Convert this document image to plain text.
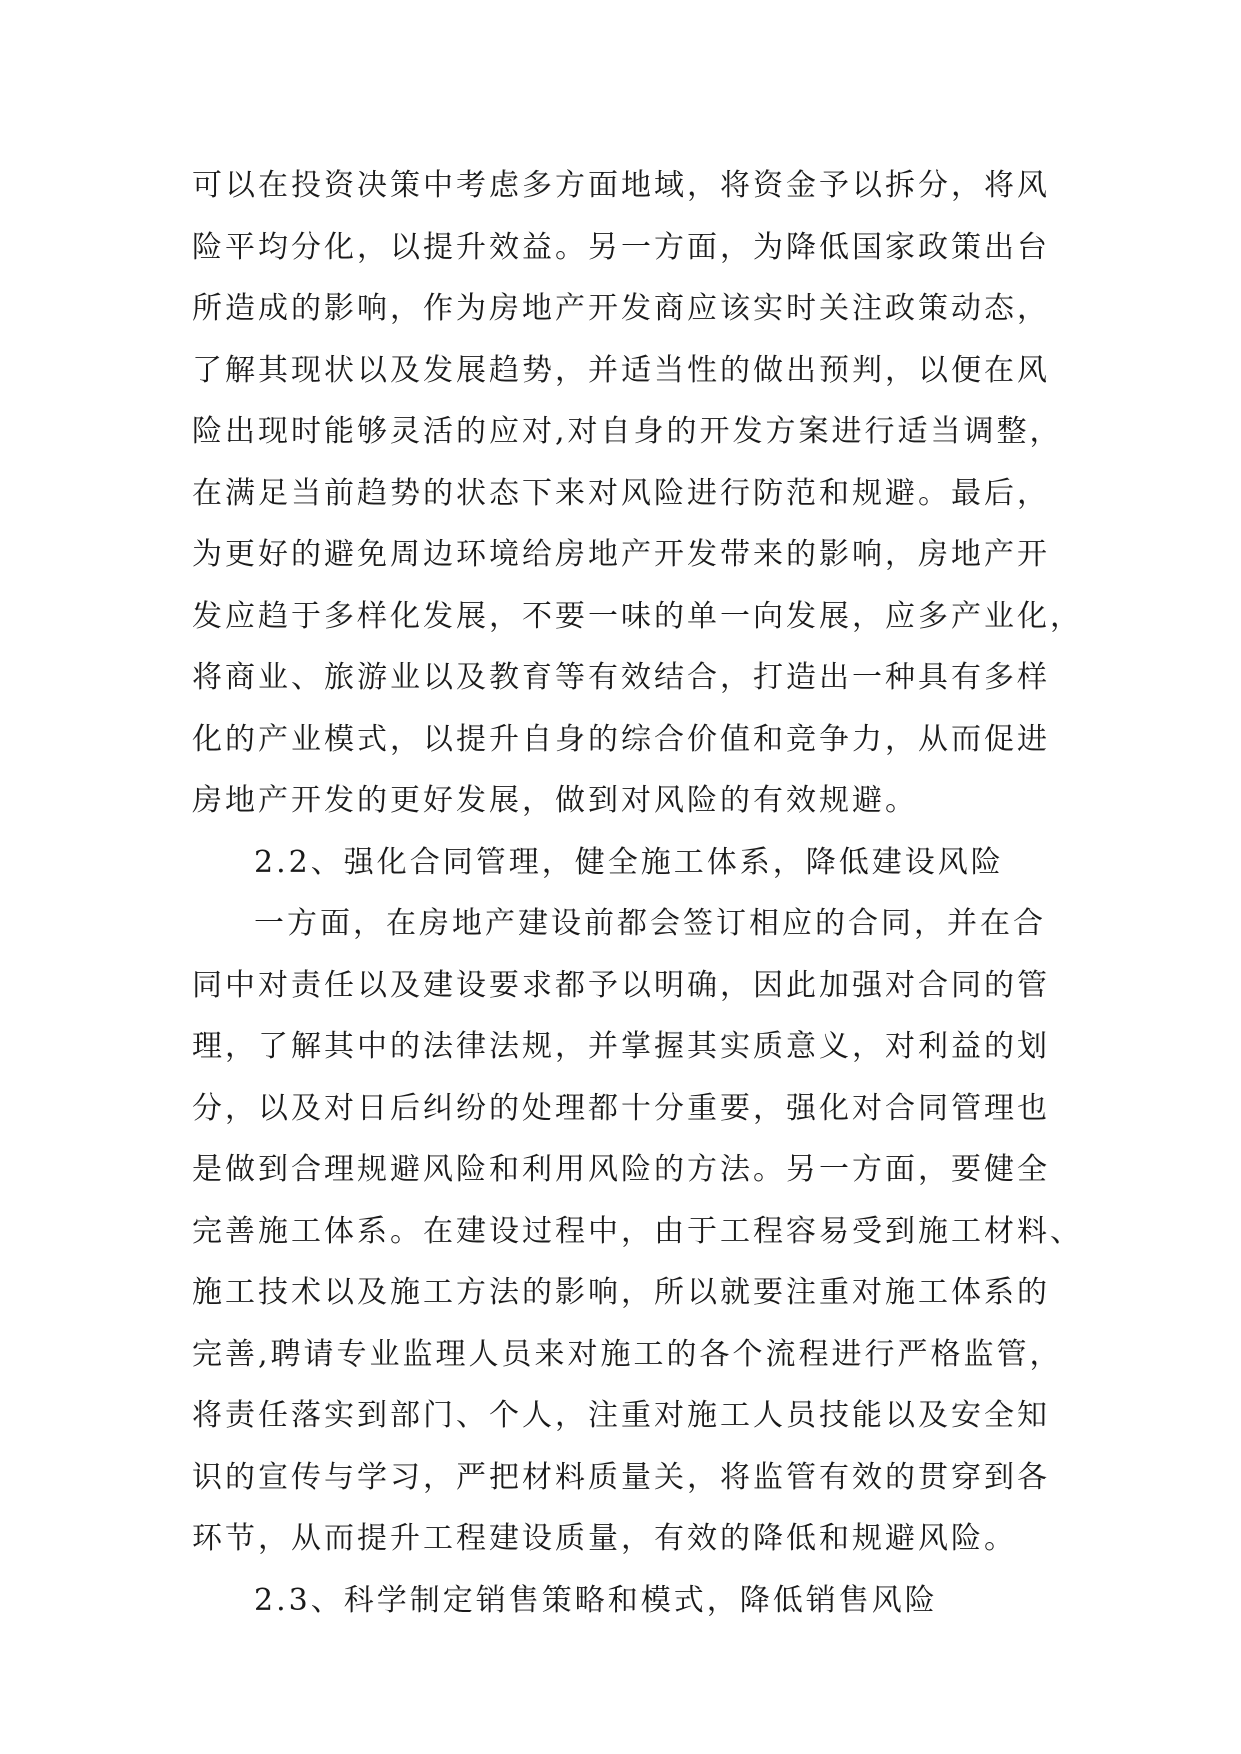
可以在投资决策中考虑多方面地域，将资金予以拆分，将风
险平均分化，以提升效益。另一方面，为降低国家政策出台
所造成的影响，作为房地产开发商应该实时关注政策动态，
了解其现状以及发展趋势，并适当性的做出预判，以便在风
险出现时能够灵活的应对,对自身的开发方案进行适当调整，
在满足当前趋势的状态下来对风险进行防范和规避。最后，
为更好的避免周边环境给房地产开发带来的影响，房地产开
发应趋于多样化发展，不要一味的单一向发展，应多产业化，
将商业、旅游业以及教育等有效结合，打造出一种具有多样
化的产业模式，以提升自身的综合价值和竞争力，从而促进
房地产开发的更好发展，做到对风险的有效规避。
2.2、强化合同管理，健全施工体系，降低建设风险
一方面，在房地产建设前都会签订相应的合同，并在合
同中对责任以及建设要求都予以明确，因此加强对合同的管
理，了解其中的法律法规，并掌握其实质意义，对利益的划
分，以及对日后纠纷的处理都十分重要，强化对合同管理也
是做到合理规避风险和利用风险的方法。另一方面，要健全
完善施工体系。在建设过程中，由于工程容易受到施工材料、
施工技术以及施工方法的影响，所以就要注重对施工体系的
完善,聘请专业监理人员来对施工的各个流程进行严格监管，
将责任落实到部门、个人，注重对施工人员技能以及安全知
识的宣传与学习，严把材料质量关，将监管有效的贯穿到各
环节，从而提升工程建设质量，有效的降低和规避风险。
2.3、科学制定销售策略和模式，降低销售风险
